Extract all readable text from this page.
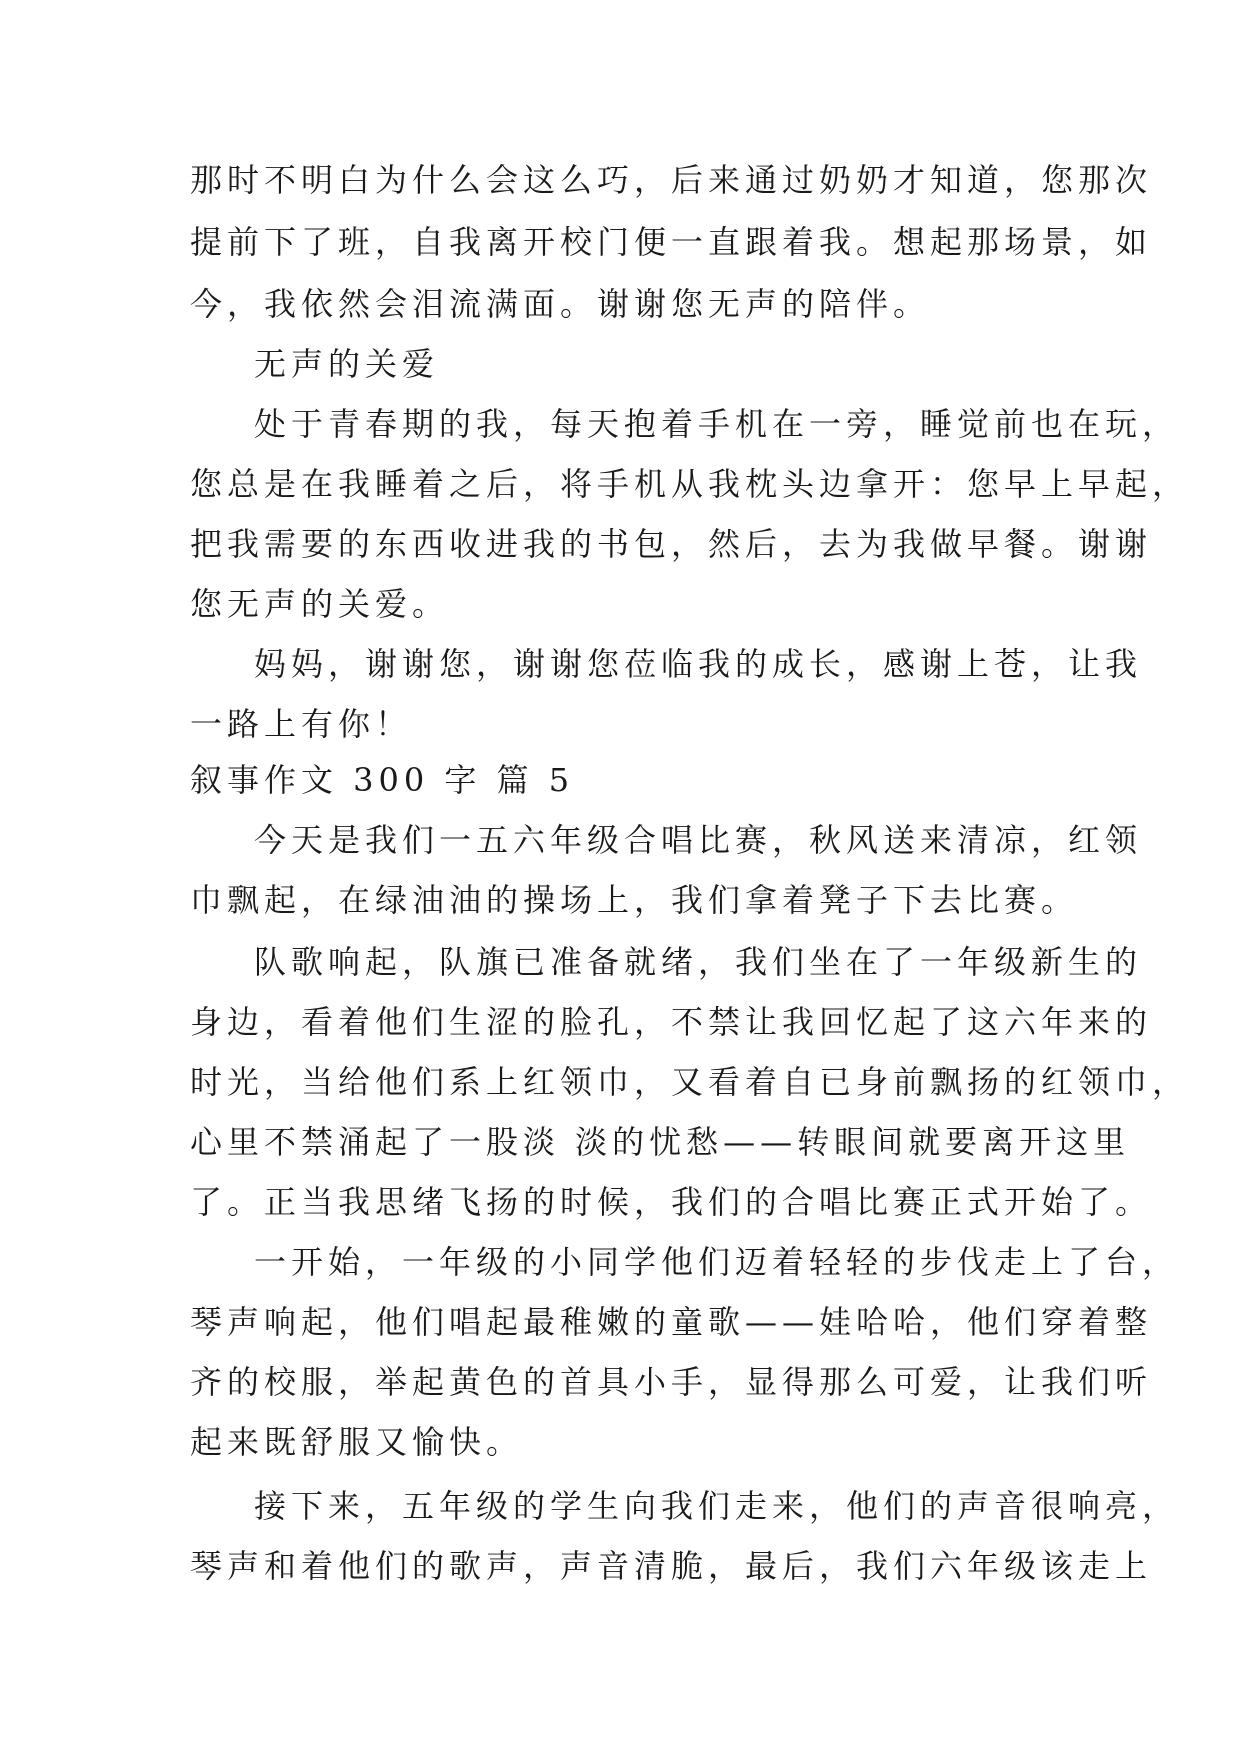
那时不明白为什么会这么巧，后来通过奶奶才知道，您那次
提前下了班，自我离开校门便一直跟着我。想起那场景，如
今，我依然会泪流满面。谢谢您无声的陪伴。
无声的关爱
处于青春期的我，每天抱着手机在一旁，睡觉前也在玩，
您总是在我睡着之后，将手机从我枕头边拿开：您早上早起，
把我需要的东西收进我的书包，然后，去为我做早餐。谢谢
您无声的关爱。
妈妈，谢谢您，谢谢您莅临我的成长，感谢上苍，让我
一路上有你！
叙事作文 300 字 篇 5
今天是我们一五六年级合唱比赛，秋风送来清凉，红领
巾飘起，在绿油油的操场上，我们拿着凳子下去比赛。
队歌响起，队旗已准备就绪，我们坐在了一年级新生的
身边，看着他们生涩的脸孔，不禁让我回忆起了这六年来的
时光，当给他们系上红领巾，又看着自已身前飘扬的红领巾，
心里不禁涌起了一股淡 淡的忧愁——转眼间就要离开这里
了。正当我思绪飞扬的时候，我们的合唱比赛正式开始了。
一开始，一年级的小同学他们迈着轻轻的步伐走上了台，
琴声响起，他们唱起最稚嫩的童歌——娃哈哈，他们穿着整
齐的校服，举起黄色的首具小手，显得那么可爱，让我们听
起来既舒服又愉快。
接下来，五年级的学生向我们走来，他们的声音很响亮，
琴声和着他们的歌声，声音清脆，最后，我们六年级该走上
